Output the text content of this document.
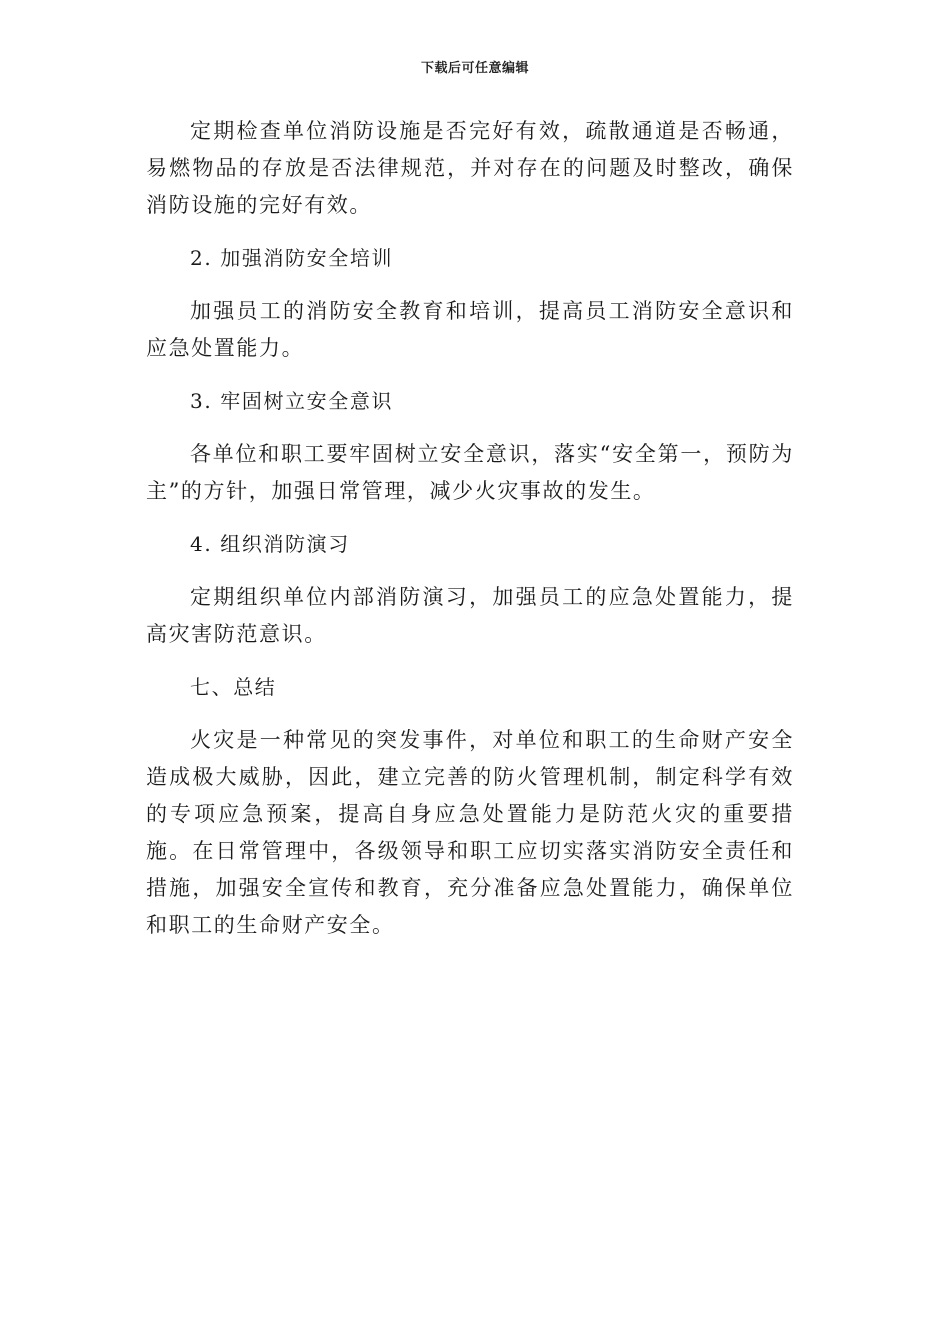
下载后可任意编辑

定期检查单位消防设施是否完好有效，疏散通道是否畅通，易燃物品的存放是否法律规范，并对存在的问题及时整改，确保消防设施的完好有效。

2. 加强消防安全培训

加强员工的消防安全教育和培训，提高员工消防安全意识和应急处置能力。

3. 牢固树立安全意识

各单位和职工要牢固树立安全意识，落实“安全第一，预防为主”的方针，加强日常管理，减少火灾事故的发生。

4. 组织消防演习

定期组织单位内部消防演习，加强员工的应急处置能力，提高灾害防范意识。

七、总结

火灾是一种常见的突发事件，对单位和职工的生命财产安全造成极大威胁，因此，建立完善的防火管理机制，制定科学有效的专项应急预案，提高自身应急处置能力是防范火灾的重要措施。在日常管理中，各级领导和职工应切实落实消防安全责任和措施，加强安全宣传和教育，充分准备应急处置能力，确保单位和职工的生命财产安全。
